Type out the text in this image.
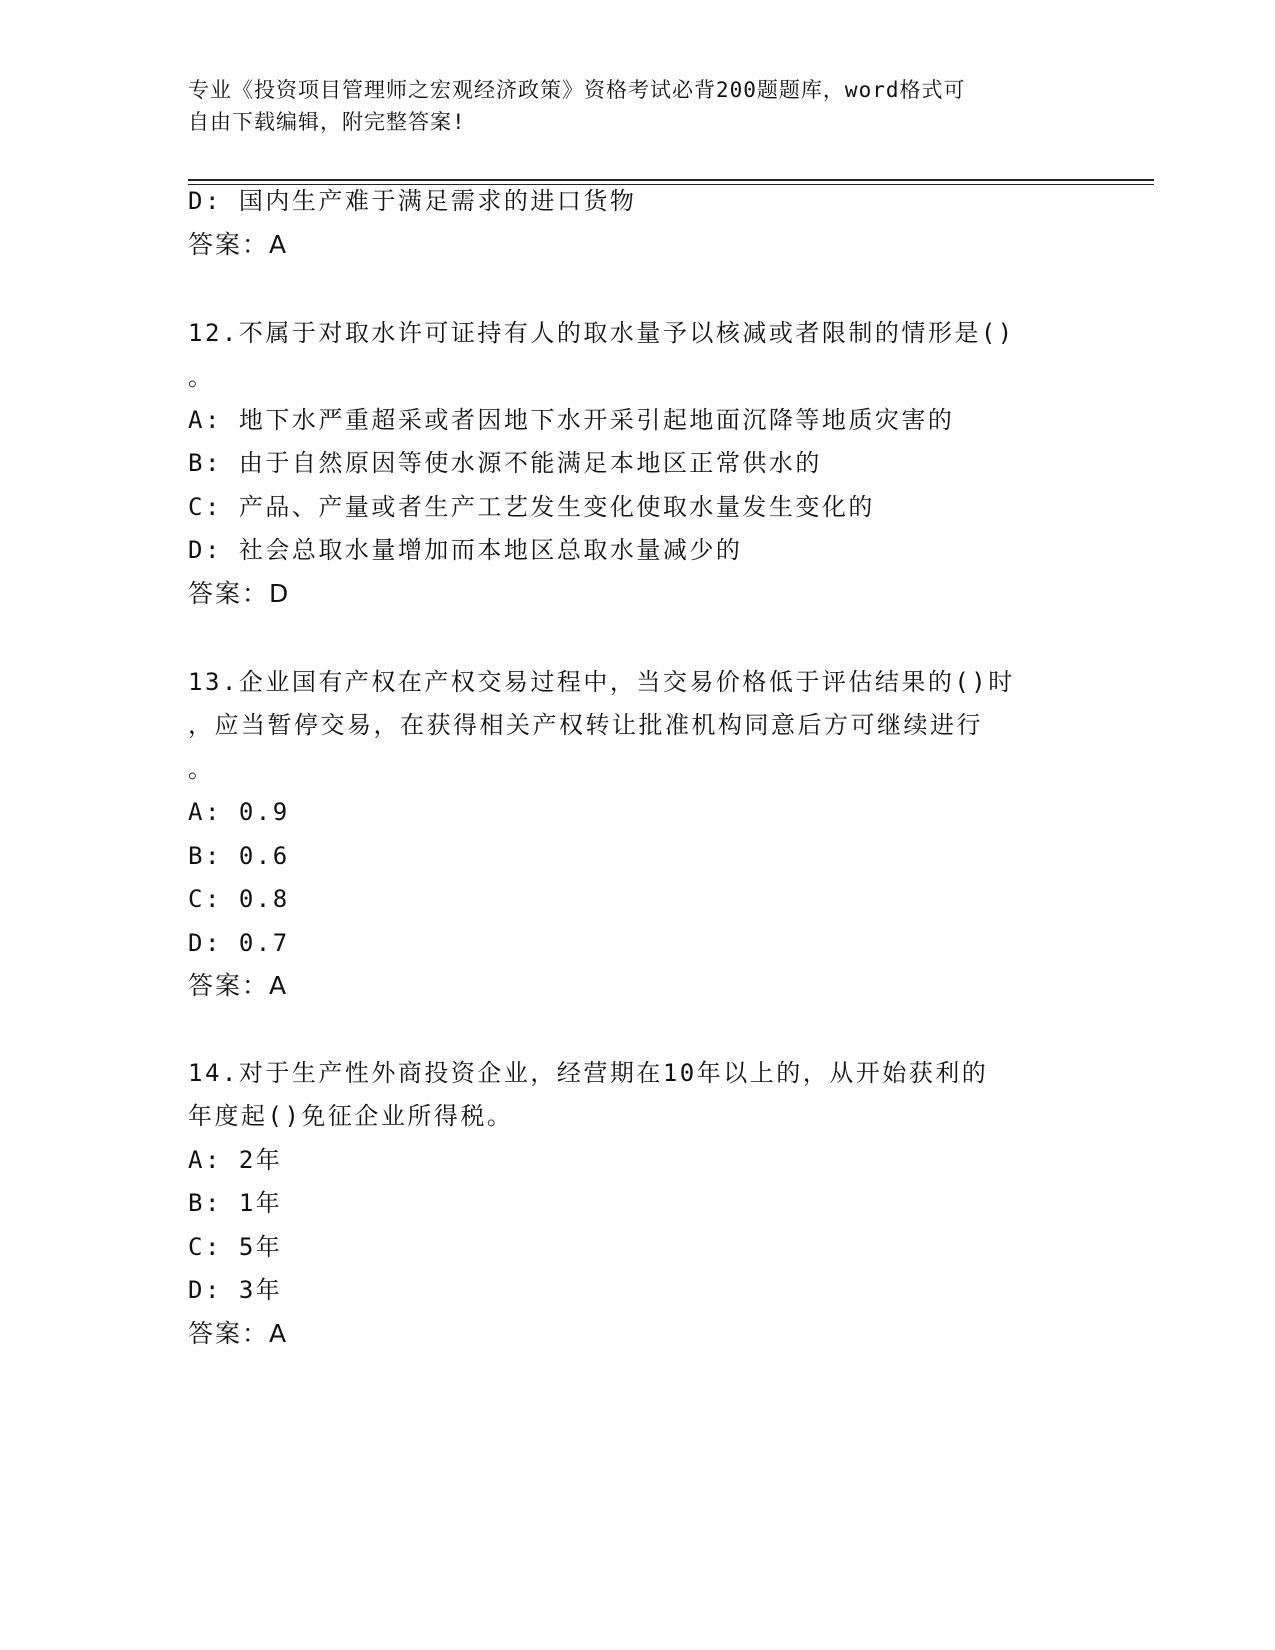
专业《投资项目管理师之宏观经济政策》资格考试必背200题题库，word格式可
自由下载编辑，附完整答案!
D: 国内生产难于满足需求的进口货物
答案：A
12.不属于对取水许可证持有人的取水量予以核减或者限制的情形是()
。
A: 地下水严重超采或者因地下水开采引起地面沉降等地质灾害的
B: 由于自然原因等使水源不能满足本地区正常供水的
C: 产品、产量或者生产工艺发生变化使取水量发生变化的
D: 社会总取水量增加而本地区总取水量减少的
答案：D
13.企业国有产权在产权交易过程中，当交易价格低于评估结果的()时
，应当暂停交易，在获得相关产权转让批准机构同意后方可继续进行
。
A: 0.9
B: 0.6
C: 0.8
D: 0.7
答案：A
14.对于生产性外商投资企业，经营期在10年以上的，从开始获利的
年度起()免征企业所得税。
A: 2年
B: 1年
C: 5年
D: 3年
答案：A
